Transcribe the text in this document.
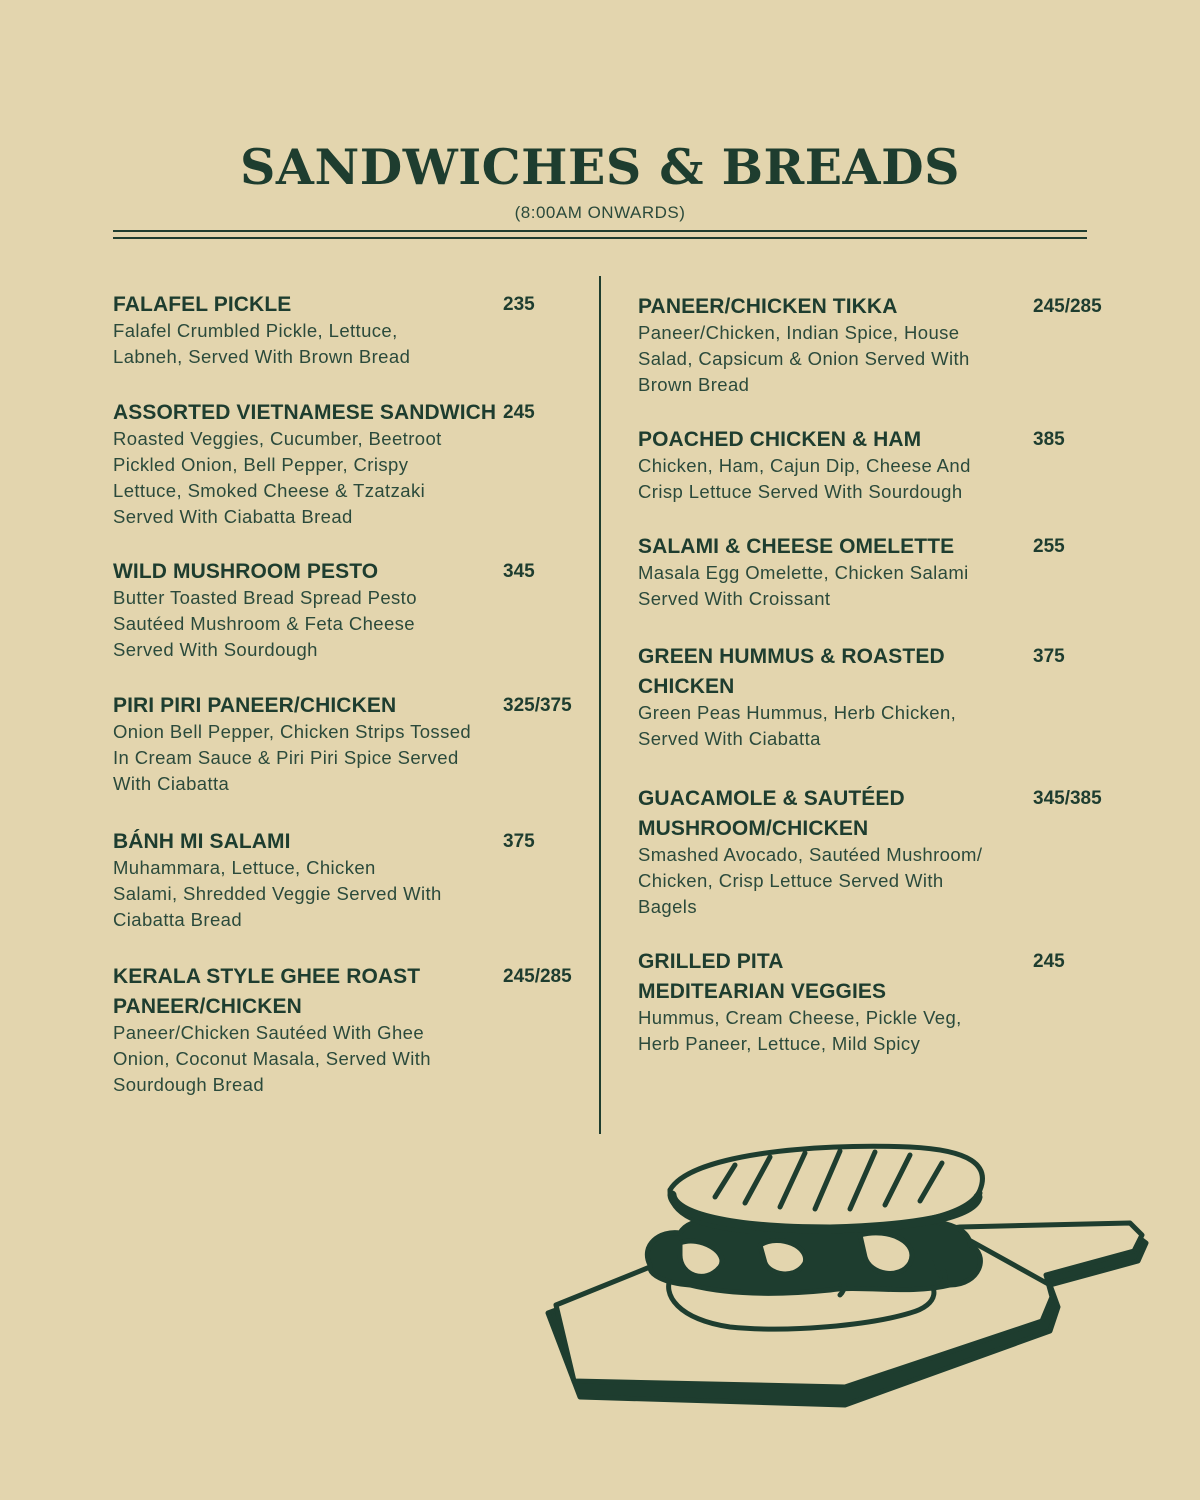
SANDWICHES & BREADS
(8:00AM ONWARDS)
FALAFEL PICKLE	235
Falafel Crumbled Pickle, Lettuce,
Labneh, Served With Brown Bread
ASSORTED VIETNAMESE SANDWICH 245
Roasted Veggies, Cucumber, Beetroot
Pickled Onion, Bell Pepper, Crispy
Lettuce, Smoked Cheese & Tzatzaki
Served With Ciabatta Bread
WILD MUSHROOM PESTO	345
Butter Toasted Bread Spread Pesto
Sautéed Mushroom & Feta Cheese
Served With Sourdough
PIRI PIRI PANEER/CHICKEN	325/375
Onion Bell Pepper, Chicken Strips Tossed
In Cream Sauce & Piri Piri Spice Served
With Ciabatta
BÁNH MI SALAMI	375
Muhammara, Lettuce, Chicken
Salami, Shredded Veggie Served With
Ciabatta Bread
KERALA STYLE GHEE ROAST
PANEER/CHICKEN
245/285
Paneer/Chicken Sautéed With Ghee
Onion, Coconut Masala, Served With
Sourdough Bread
PANEER/CHICKEN TIKKA	245/285
Paneer/Chicken, Indian Spice, House
Salad, Capsicum & Onion Served With
Brown Bread
POACHED CHICKEN & HAM	385
Chicken, Ham, Cajun Dip, Cheese And
Crisp Lettuce Served With Sourdough
SALAMI & CHEESE OMELETTE	255
Masala Egg Omelette, Chicken Salami
Served With Croissant
GREEN HUMMUS & ROASTED
CHICKEN
375
Green Peas Hummus, Herb Chicken,
Served With Ciabatta
GUACAMOLE & SAUTÉED
MUSHROOM/CHICKEN
345/385
Smashed Avocado, Sautéed Mushroom/
Chicken, Crisp Lettuce Served With
Bagels
GRILLED PITA
MEDITEARIAN VEGGIES
245
Hummus, Cream Cheese, Pickle Veg,
Herb Paneer, Lettuce, Mild Spicy
